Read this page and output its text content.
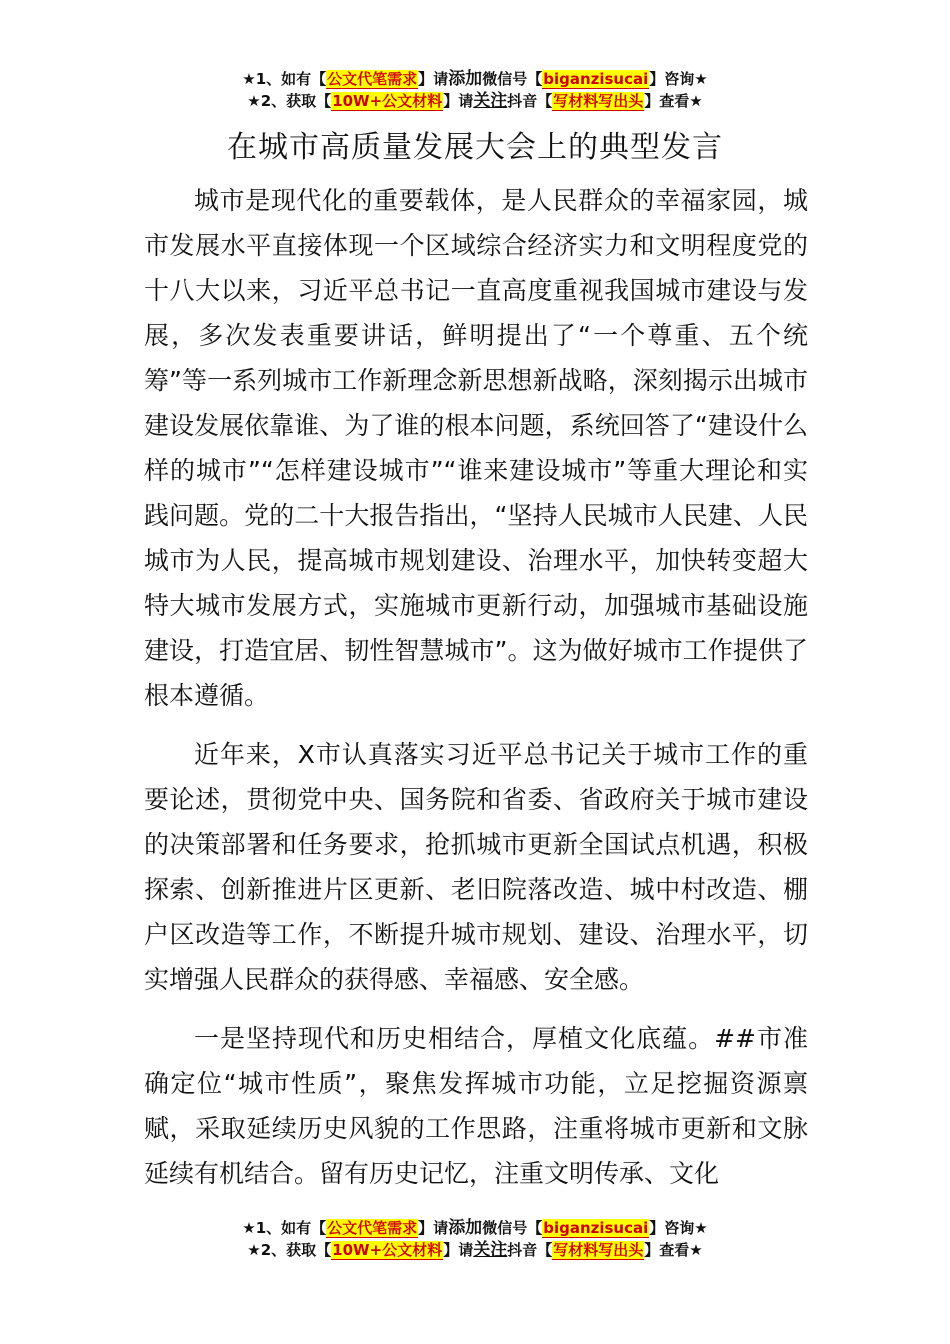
★1、如有【公文代笔需求】请添加微信号【biganzisucai】咨询★
★2、获取【10W+公文材料】请关注抖音【写材料写出头】查看★
在城市高质量发展大会上的典型发言

城市是现代化的重要载体，是人民群众的幸福家园，城市发展水平直接体现一个区域综合经济实力和文明程度党的十八大以来，习近平总书记一直高度重视我国城市建设与发展，多次发表重要讲话，鲜明提出了“一个尊重、五个统筹”等一系列城市工作新理念新思想新战略，深刻揭示出城市建设发展依靠谁、为了谁的根本问题，系统回答了“建设什么样的城市”“怎样建设城市”“谁来建设城市”等重大理论和实践问题。党的二十大报告指出，“坚持人民城市人民建、人民城市为人民，提高城市规划建设、治理水平，加快转变超大特大城市发展方式，实施城市更新行动，加强城市基础设施建设，打造宜居、韧性智慧城市”。这为做好城市工作提供了根本遵循。

近年来，X市认真落实习近平总书记关于城市工作的重要论述，贯彻党中央、国务院和省委、省政府关于城市建设的决策部署和任务要求，抢抓城市更新全国试点机遇，积极探索、创新推进片区更新、老旧院落改造、城中村改造、棚户区改造等工作，不断提升城市规划、建设、治理水平，切实增强人民群众的获得感、幸福感、安全感。

一是坚持现代和历史相结合，厚植文化底蕴。##市准确定位“城市性质”，聚焦发挥城市功能，立足挖掘资源禀赋，采取延续历史风貌的工作思路，注重将城市更新和文脉延续有机结合。留有历史记忆，注重文明传承、文化

★1、如有【公文代笔需求】请添加微信号【biganzisucai】咨询★
★2、获取【10W+公文材料】请关注抖音【写材料写出头】查看★
